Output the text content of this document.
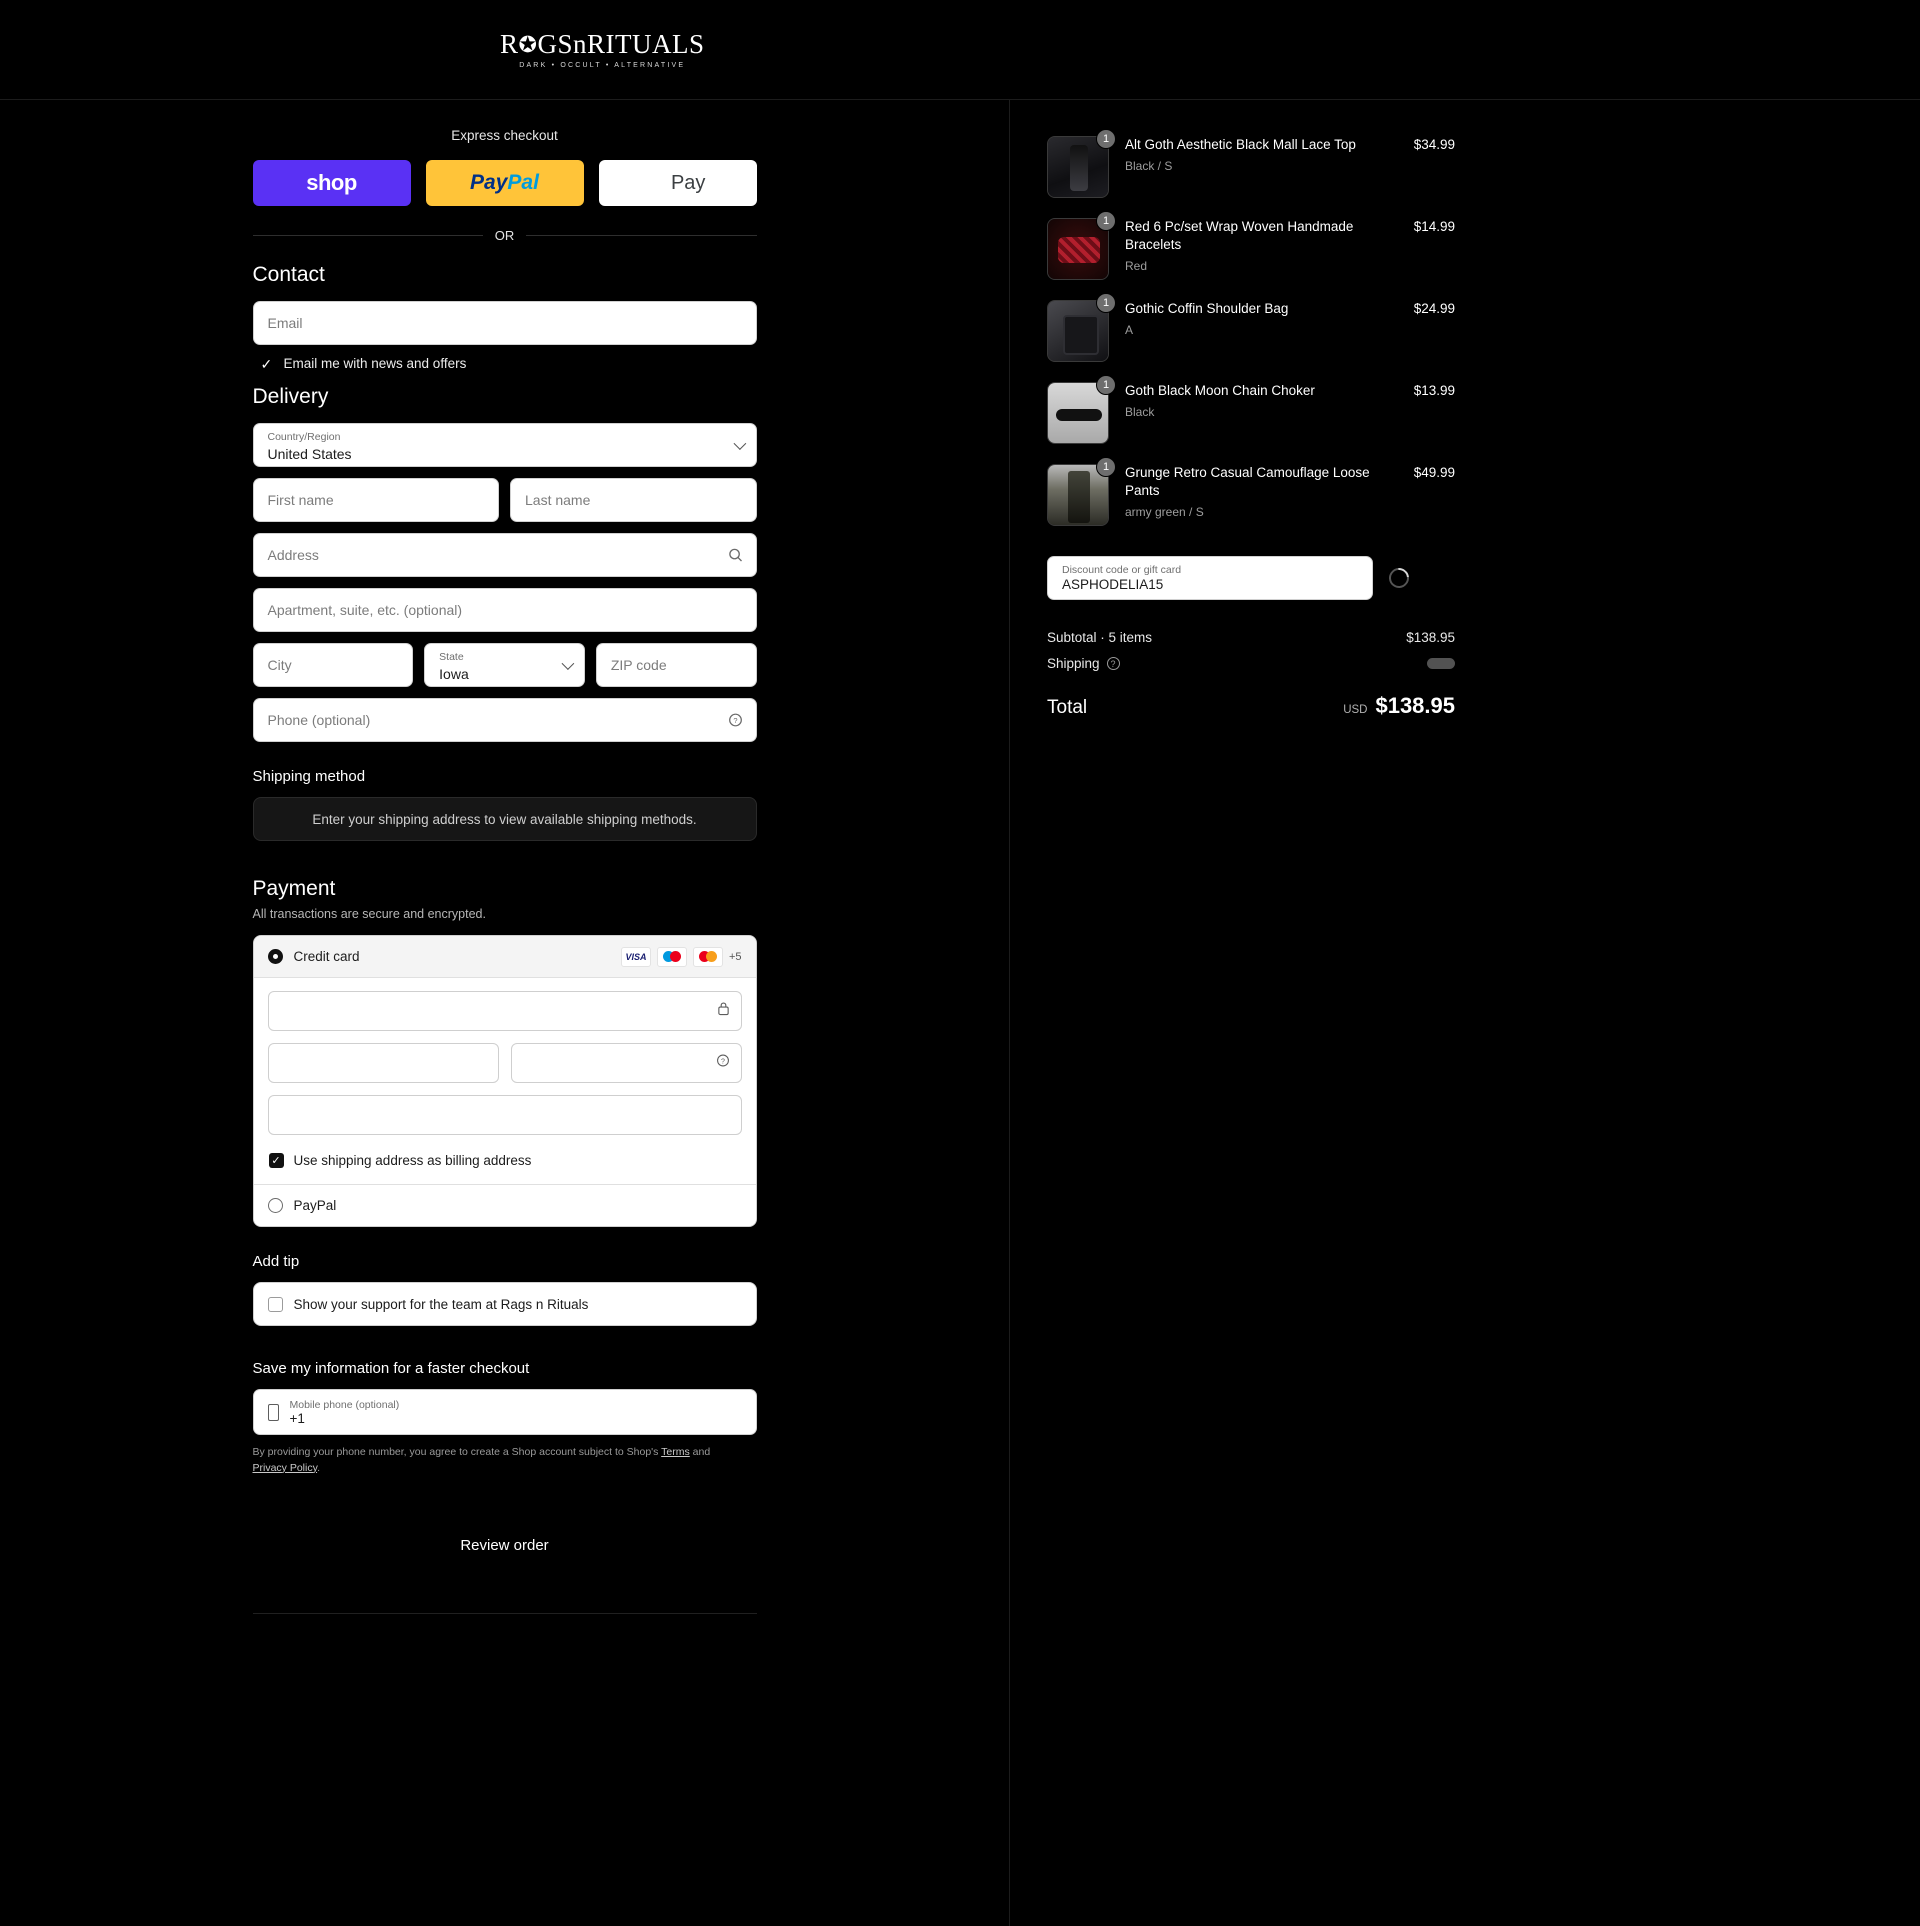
R✪GSnRITUALS
DARK • OCCULT • ALTERNATIVE
Express checkout
shop	Pay Pal	G Pay
OR
Contact
Email
✓ Email me with news and offers
Delivery
Country/Region
United States
First name	Last name
Address
Apartment, suite, etc. (optional)
City	State
Iowa
ZIP code
Phone (optional)	?
Shipping method
Enter your shipping address to view available shipping methods.
Payment
All transactions are secure and encrypted.
Credit card	VISA	+5
?
✓ Use shipping address as billing address
PayPal
Add tip
Show your support for the team at Rags n Rituals
Save my information for a faster checkout
Mobile phone (optional)
+1
By providing your phone number, you agree to create a Shop account subject to Shop's Terms and Privacy Policy.
Review order
1	Alt Goth Aesthetic Black Mall Lace Top
Black / S
$34.99
1	Red 6 Pc/set Wrap Woven Handmade Bracelets
Red
$14.99
1	Gothic Coffin Shoulder Bag
A
$24.99
1	Goth Black Moon Chain Choker
Black
$13.99
1	Grunge Retro Casual Camouflage Loose Pants
army green / S
$49.99
Discount code or gift card
ASPHODELIA15
Subtotal · 5 items	$138.95
Shipping	?
Total	USD $138.95
